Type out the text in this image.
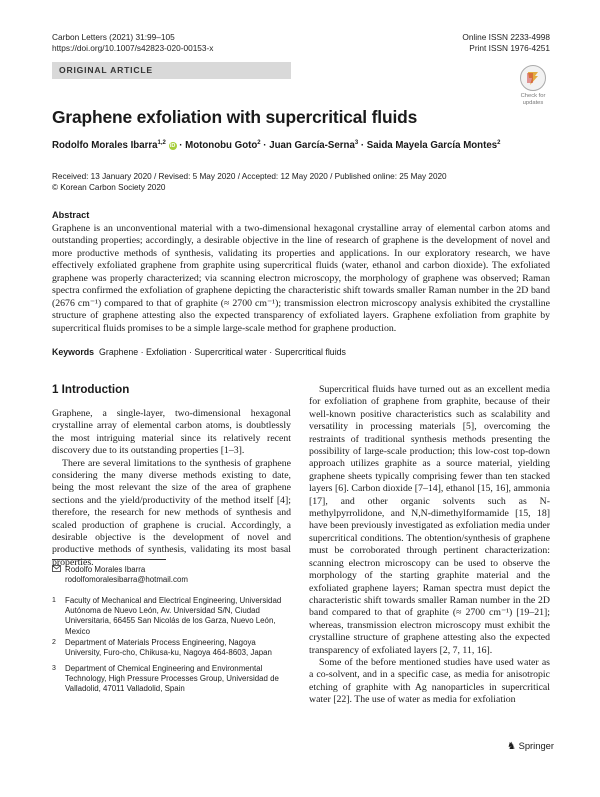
Carbon Letters (2021) 31:99–105
https://doi.org/10.1007/s42823-020-00153-x
Online ISSN 2233-4998
Print ISSN 1976-4251
ORIGINAL ARTICLE
Check for
updates
Graphene exfoliation with supercritical fluids
Rodolfo Morales Ibarra$^{1,2}$ iD · Motonobu Goto$^2$ · Juan García-Serna$^3$ · Saida Mayela García Montes$^2$
Received: 13 January 2020 / Revised: 5 May 2020 / Accepted: 12 May 2020 / Published online: 25 May 2020
© Korean Carbon Society 2020
Abstract
Graphene is an unconventional material with a two-dimensional hexagonal crystalline array of elemental carbon atoms and outstanding properties; accordingly, a desirable objective in the line of research of graphene is the development of novel and more productive methods of synthesis, validating its properties and applications. In our exploratory research, we have effectively exfoliated graphene from graphite using supercritical fluids (water, ethanol and carbon dioxide). The exfoliated graphene was properly characterized; via scanning electron microscopy, the morphology of graphene was observed; Raman spectra confirmed the exfoliation of graphene depicting the characteristic shift towards smaller Raman number in the 2D band (2676 cm⁻¹) compared to that of graphite (≈ 2700 cm⁻¹); transmission electron microscopy analysis exhibited the crystalline structure of graphene attesting also the expected transparency of exfoliated layers. Graphene exfoliation from graphite by supercritical fluids promises to be a simple large-scale method for graphene production.
Keywords Graphene · Exfoliation · Supercritical water · Supercritical fluids
1 Introduction

Graphene, a single-layer, two-dimensional hexagonal crystalline array of elemental carbon atoms, is doubtlessly the most intriguing material since its relatively recent discovery due to its outstanding properties [1–3].

There are several limitations to the synthesis of graphene considering the many diverse methods existing to date, being the most relevant the size of the area of graphene sections and the yield/productivity of the method itself [4]; therefore, the research for new methods of synthesis and scaled production of graphene is crucial. Accordingly, a desirable objective is the development of novel and productive methods of synthesis, validating its most basal properties.

Supercritical fluids have turned out as an excellent media for exfoliation of graphene from graphite, because of their well-known positive characteristics such as scalability and versatility in processing materials [5], overcoming the restraints of traditional synthesis methods presenting the possibility of large-scale production; this low-cost top-down approach utilizes graphite as a source material, yielding graphene sheets typically comprising fewer than ten stacked layers [6]. Carbon dioxide [7–14], ethanol [15, 16], ammonia [17], and other organic solvents such as N-methylpyrrolidone, and N,N-dimethylformamide [15, 18] have been previously investigated as exfoliation media under supercritical conditions. The obtention/synthesis of graphene must be corroborated through pertinent characterization: scanning electron microscopy can be used to observe the morphology of the starting graphite material and the exfoliated graphene layers; Raman spectra must depict the characteristic shift towards smaller Raman number in the 2D band compared to that of graphite (≈ 2700 cm⁻¹) [19–21]; whereas, transmission electron microscopy must exhibit the crystalline structure of graphene attesting also the expected transparency of exfoliated layers [2, 7, 11, 16].

Some of the before mentioned studies have used water as a co-solvent, and in a specific case, as media for anisotropic etching of graphite with Ag nanoparticles in supercritical water [22]. The use of water as media for exfoliation

Rodolfo Morales Ibarra
rodolfomoralesibarra@hotmail.com
1 Faculty of Mechanical and Electrical Engineering, Universidad Autónoma de Nuevo León, Av. Universidad S/N, Ciudad Universitaria, 66455 San Nicolás de los Garza, Nuevo León, Mexico
2 Department of Materials Process Engineering, Nagoya University, Furo-cho, Chikusa-ku, Nagoya 464-8603, Japan
3 Department of Chemical Engineering and Environmental Technology, High Pressure Processes Group, Universidad de Valladolid, 47011 Valladolid, Spain
♞ Springer
